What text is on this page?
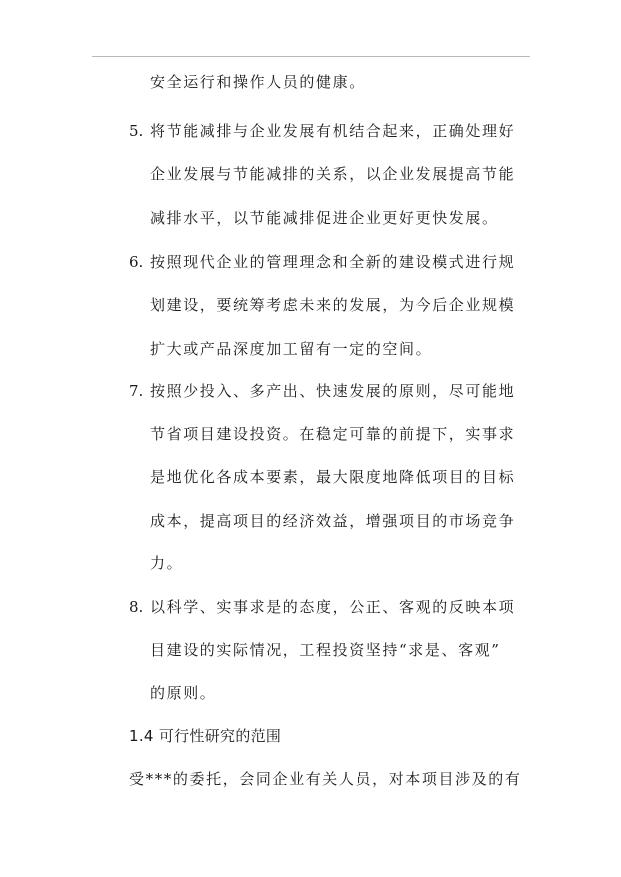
安全运行和操作人员的健康。
5. 将节能减排与企业发展有机结合起来，正确处理好
企业发展与节能减排的关系，以企业发展提高节能
减排水平，以节能减排促进企业更好更快发展。
6. 按照现代企业的管理理念和全新的建设模式进行规
划建设，要统筹考虑未来的发展，为今后企业规模
扩大或产品深度加工留有一定的空间。
7. 按照少投入、多产出、快速发展的原则，尽可能地
节省项目建设投资。在稳定可靠的前提下，实事求
是地优化各成本要素，最大限度地降低项目的目标
成本，提高项目的经济效益，增强项目的市场竞争
力。
8. 以科学、实事求是的态度，公正、客观的反映本项
目建设的实际情况，工程投资坚持“求是、客观”
的原则。
1.4 可行性研究的范围
受***的委托，会同企业有关人员，对本项目涉及的有
